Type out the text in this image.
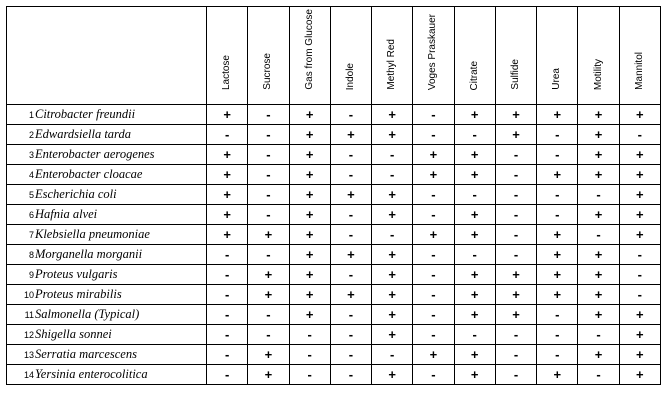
	Lactose	Sucrose	Gas from Glucose	Indole	Methyl Red	Voges Praskauer	Citrate	Sulfide	Urea	Motility	Mannitol

1Citrobacter freundii	+	-	+	-	+	-	+	+	+	+	+
2Edwardsiella tarda	-	-	+	+	+	-	-	+	-	+	-
3Enterobacter aerogenes	+	-	+	-	-	+	+	-	-	+	+
4Enterobacter cloacae	+	-	+	-	-	+	+	-	+	+	+
5Escherichia coli	+	-	+	+	+	-	-	-	-	-	+
6Hafnia alvei	+	-	+	-	+	-	+	-	-	+	+
7Klebsiella pneumoniae	+	+	+	-	-	+	+	-	+	-	+
8Morganella morganii	-	-	+	+	+	-	-	-	+	+	-
9Proteus vulgaris	-	+	+	-	+	-	+	+	+	+	-
10Proteus mirabilis	-	+	+	+	+	-	+	+	+	+	-
11Salmonella (Typical)	-	-	+	-	+	-	+	+	-	+	+
12Shigella sonnei	-	-	-	-	+	-	-	-	-	-	+
13Serratia marcescens	-	+	-	-	-	+	+	-	-	+	+
14Yersinia enterocolitica	-	+	-	-	+	-	+	-	+	-	+
